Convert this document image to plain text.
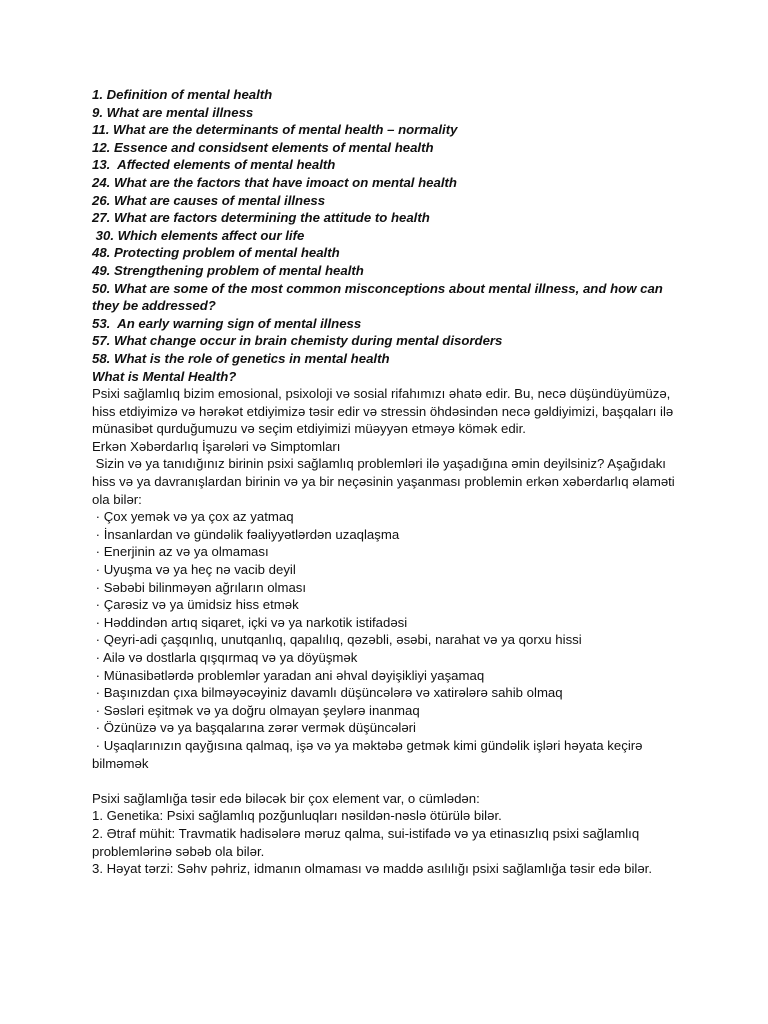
1. Definition of mental health
9. What are mental illness
11. What are the determinants of mental health – normality
12. Essence and considsent elements of mental health
13.  Affected elements of mental health
24. What are the factors that have imoact on mental health
26. What are causes of mental illness
27. What are factors determining the attitude to health
30. Which elements affect our life
48. Protecting problem of mental health
49. Strengthening problem of mental health
50. What are some of the most common misconceptions about mental illness, and how can they be addressed?
53.  An early warning sign of mental illness
57. What change occur in brain chemisty during mental disorders
58. What is the role of genetics in mental health
What is Mental Health?

Psixi sağlamlıq bizim emosional, psixoloji və sosial rifahımızı əhatə edir. Bu, necə düşündüyümüzə, hiss etdiyimizə və hərəkət etdiyimizə təsir edir və stressin öhdəsindən necə gəldiyimizi, başqaları ilə münasibət qurduğumuzu və seçim etdiyimizi müəyyən etməyə kömək edir.

Erkən Xəbərdarlıq İşarələri və Simptomları

Sizin və ya tanıdığınız birinin psixi sağlamlıq problemləri ilə yaşadığına əmin deyilsiniz? Aşağıdakı hiss və ya davranışlardan birinin və ya bir neçəsinin yaşanması problemin erkən xəbərdarlıq əlaməti ola bilər:

· Çox yemək və ya çox az yatmaq
· İnsanlardan və gündəlik fəaliyyətlərdən uzaqlaşma
· Enerjinin az və ya olmaması
· Uyuşma və ya heç nə vacib deyil
· Səbəbi bilinməyən ağrıların olması
· Çarəsiz və ya ümidsiz hiss etmək
· Həddindən artıq siqaret, içki və ya narkotik istifadəsi
· Qeyri-adi çaşqınlıq, unutqanlıq, qapalılıq, qəzəbli, əsəbi, narahat və ya qorxu hissi
· Ailə və dostlarla qışqırmaq və ya döyüşmək
· Münasibətlərdə problemlər yaradan ani əhval dəyişikliyi yaşamaq
· Başınızdan çıxa bilməyəcəyiniz davamlı düşüncələrə və xatirələrə sahib olmaq
· Səsləri eşitmək və ya doğru olmayan şeylərə inanmaq
· Özünüzə və ya başqalarına zərər vermək düşüncələri
· Uşaqlarınızın qayğısına qalmaq, işə və ya məktəbə getmək kimi gündəlik işləri həyata keçirə bilməmək

Psixi sağlamlığa təsir edə biləcək bir çox element var, o cümlədən:

1. Genetika: Psixi sağlamlıq pozğunluqları nəsildən-nəslə ötürülə bilər.
2. Ətraf mühit: Travmatik hadisələrə məruz qalma, sui-istifadə və ya etinasızlıq psixi sağlamlıq problemlərinə səbəb ola bilər.
3. Həyat tərzi: Səhv pəhriz, idmanın olmaması və maddə asılılığı psixi sağlamlığa təsir edə bilər.
